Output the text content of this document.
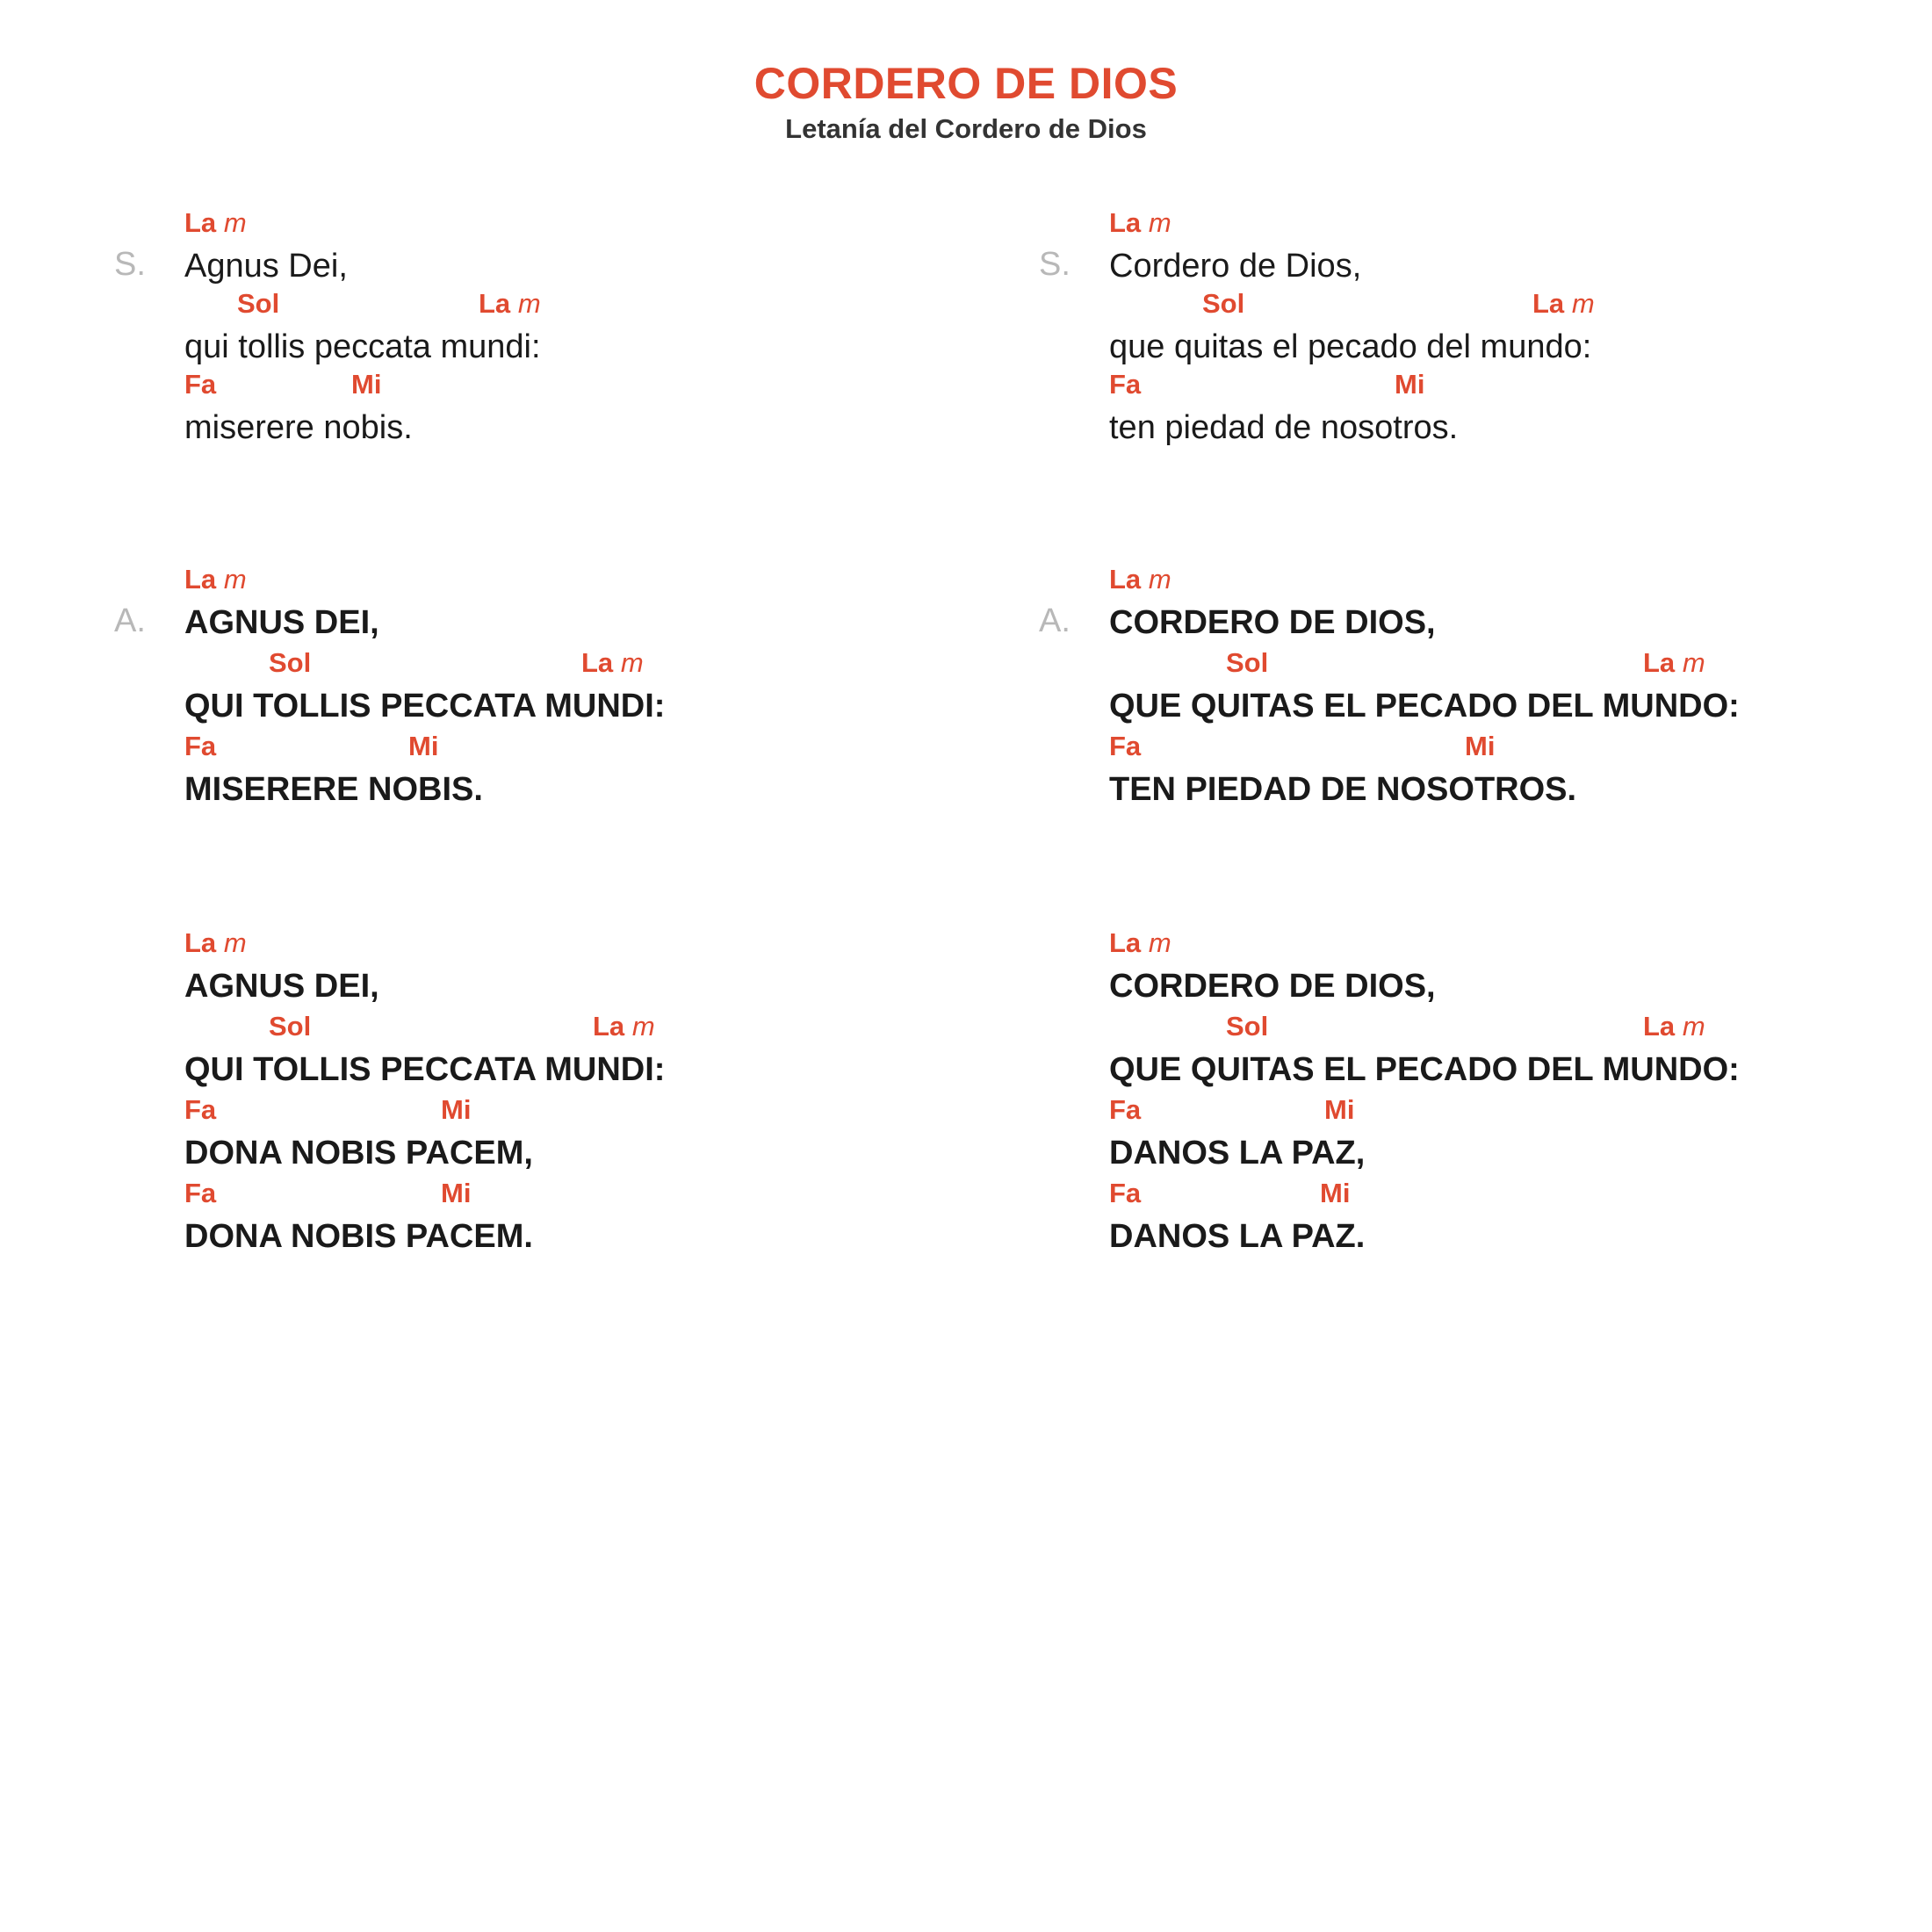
CORDERO DE DIOS
Letanía del Cordero de Dios
S.
La m
Agnus Dei,
Sol	La m
qui tollis peccata mundi:
Fa	Mi
miserere nobis.
A.
La m
AGNUS DEI,
Sol	La m
QUI TOLLIS PECCATA MUNDI:
Fa	Mi
MISERERE NOBIS.
La m
AGNUS DEI,
Sol	La m
QUI TOLLIS PECCATA MUNDI:
Fa	Mi
DONA NOBIS PACEM,
Fa	Mi
DONA NOBIS PACEM.
S.
La m
Cordero de Dios,
Sol	La m
que quitas el pecado del mundo:
Fa	Mi
ten piedad de nosotros.
A.
La m
CORDERO DE DIOS,
Sol	La m
QUE QUITAS EL PECADO DEL MUNDO:
Fa	Mi
TEN PIEDAD DE NOSOTROS.
La m
CORDERO DE DIOS,
Sol	La m
QUE QUITAS EL PECADO DEL MUNDO:
Fa	Mi
DANOS LA PAZ,
Fa	Mi
DANOS LA PAZ.
